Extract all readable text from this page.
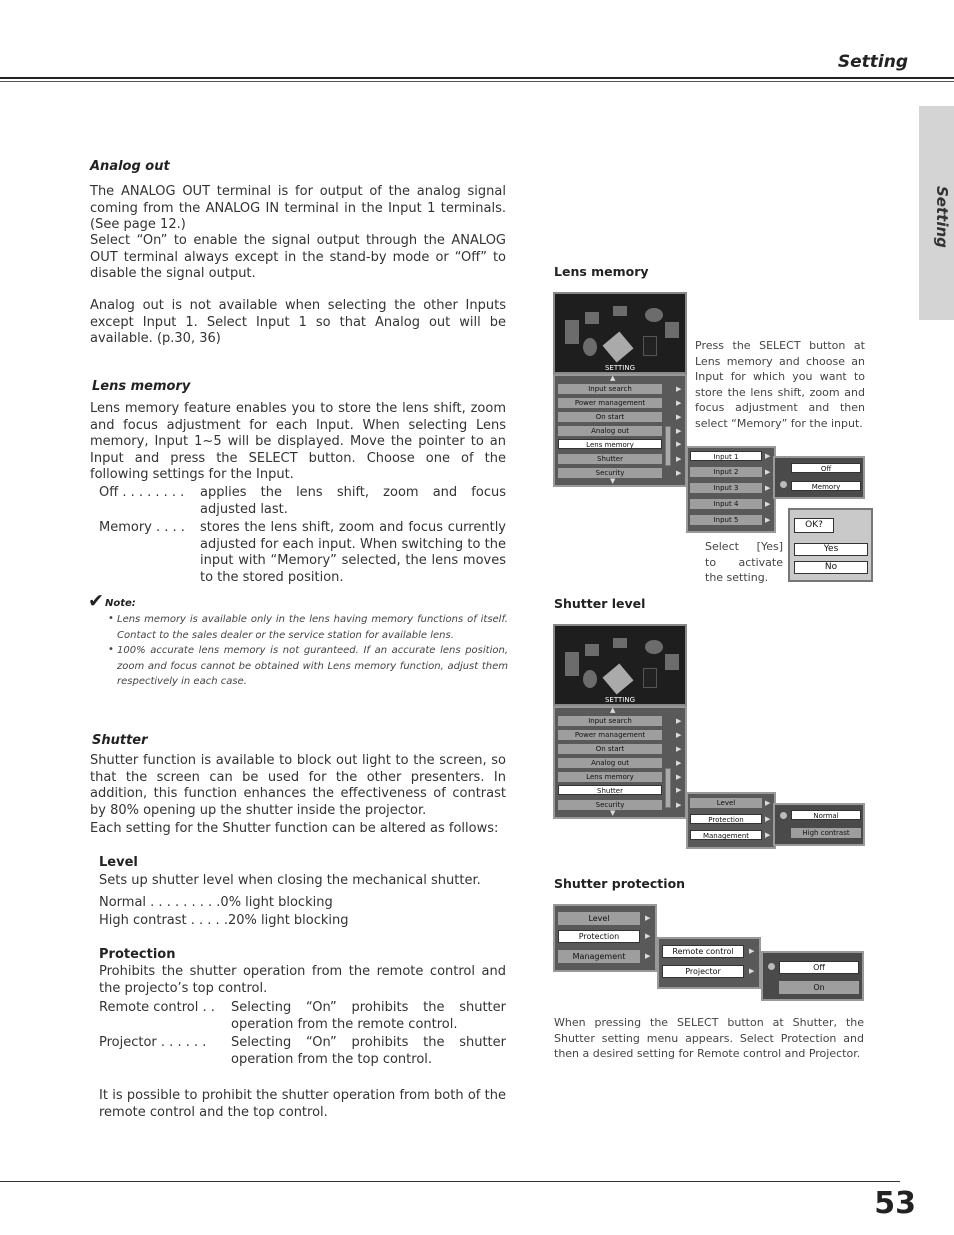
Setting
Setting
Analog out
The ANALOG OUT terminal is for output of the analog signal coming from the ANALOG IN terminal in the Input 1 terminals. (See page 12.)
Select “On” to enable the signal output through the ANALOG OUT terminal always except in the stand-by mode or “Off” to disable the signal output.
Analog out is not available when selecting the other Inputs except Input 1. Select Input 1 so that Analog out will be available. (p.30, 36)
Lens memory
Lens memory feature enables you to store the lens shift, zoom and focus adjustment for each Input. When selecting Lens memory, Input 1~5 will be displayed. Move the pointer to an Input and press the SELECT button. Choose one of the following settings for the Input.
Off . . . . . . . . applies the lens shift, zoom and focus adjusted last.
Memory . . . . stores the lens shift, zoom and focus currently adjusted for each input. When switching to the input with “Memory” selected, the lens moves to the stored position.
✔ Note:
• Lens memory is available only in the lens having memory functions of itself. Contact to the sales dealer or the service station for available lens.
• 100% accurate lens memory is not guranteed. If an accurate lens position, zoom and focus cannot be obtained with Lens memory function, adjust them respectively in each case.
Shutter
Shutter function is available to block out light to the screen, so that the screen can be used for the other presenters. In addition, this function enhances the effectiveness of contrast by 80% opening up the shutter inside the projector.
Each setting for the Shutter function can be altered as follows:
Level
Sets up shutter level when closing the mechanical shutter.
Normal . . . . . . . . .0% light blocking
High contrast . . . . .20% light blocking
Protection
Prohibits the shutter operation from the remote control and the projecto’s top control.
Remote control . . Selecting “On” prohibits the shutter operation from the remote control.
Projector . . . . . . Selecting “On” prohibits the shutter operation from the top control.
It is possible to prohibit the shutter operation from both of the remote control and the top control.
Lens memory
SETTING
▲
Input search
Power management
On start
Analog out
Lens memory
Shutter
Security
▼
▶
▶
▶
▶
▶
▶
▶
Input 1
Input 2
Input 3
Input 4
Input 5
▶
▶
▶
▶
▶
Off
Memory
OK?
Yes
No
Press the SELECT button at Lens memory and choose an Input for which you want to store the lens shift, zoom and focus adjustment and then select “Memory” for the input.
Select [Yes] to activate the setting.
Shutter level
SETTING
▲
Input search
Power management
On start
Analog out
Lens memory
Shutter
Security
▼
▶
▶
▶
▶
▶
▶
▶	Level
Protection
Management
▶
▶
▶
Normal
High contrast
Shutter protection
Level
Protection
Management
▶
▶
▶	Remote control
Projector
▶
▶	Off
On
When pressing the SELECT button at Shutter, the Shutter setting menu appears. Select Protection and then a desired setting for Remote control and Projector.
53
